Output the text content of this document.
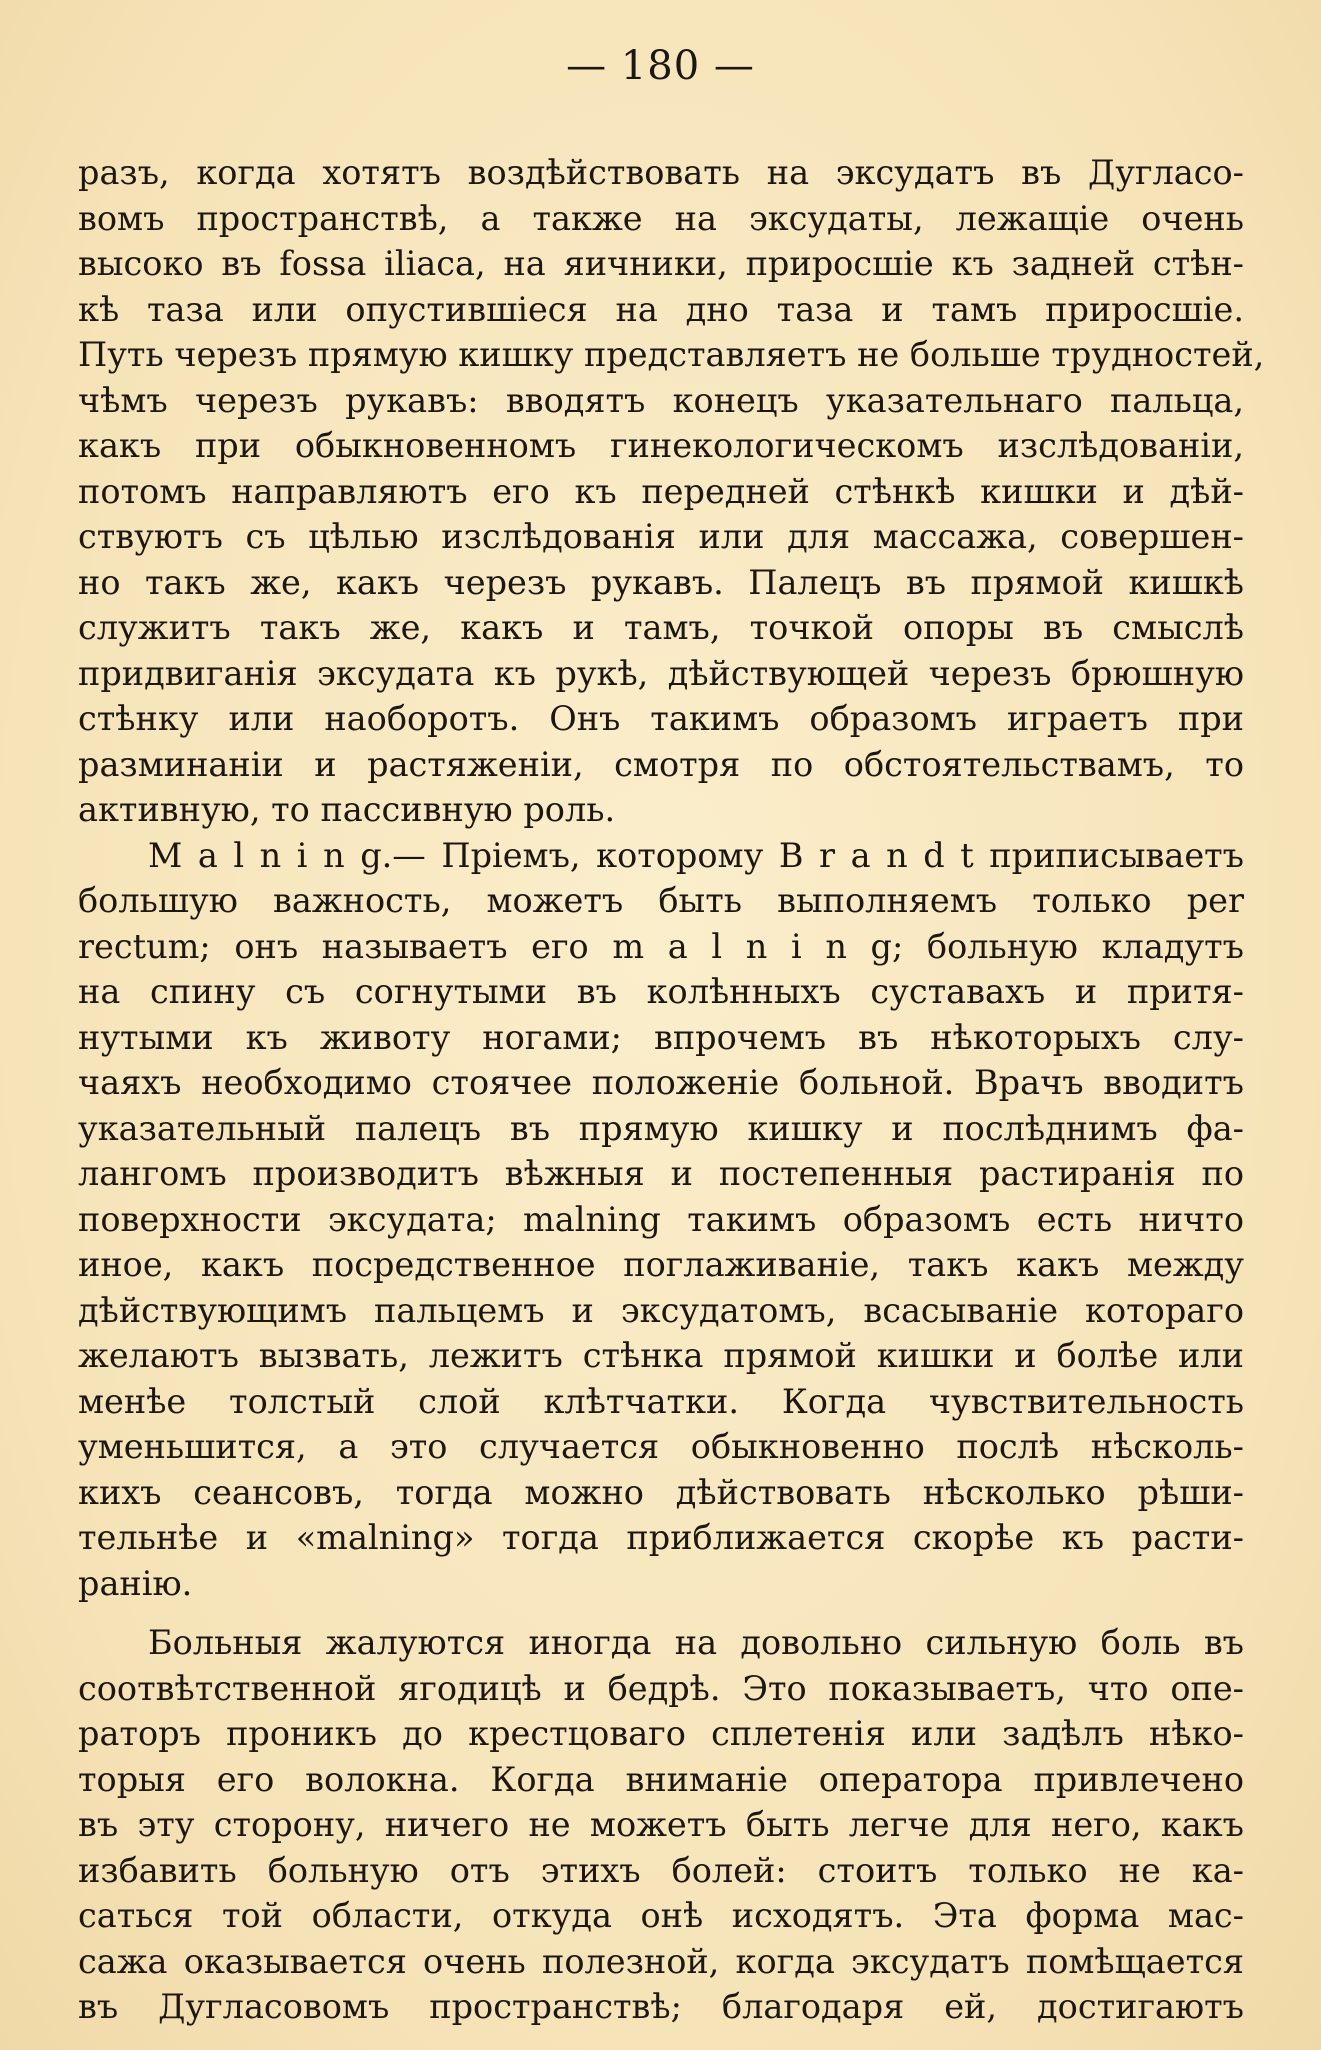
— 180 —
разъ, когда хотятъ воздѣйствовать на эксудатъ въ Дугласо-
вомъ пространствѣ, а также на эксудаты, лежащіе очень
высоко въ fossa iliaca, на яичники, приросшіе къ задней стѣн-
кѣ таза или опустившіеся на дно таза и тамъ приросшіе.
Путь черезъ прямую кишку представляетъ не больше трудностей,
чѣмъ черезъ рукавъ: вводятъ конецъ указательнаго пальца,
какъ при обыкновенномъ гинекологическомъ изслѣдованіи,
потомъ направляютъ его къ передней стѣнкѣ кишки и дѣй-
ствуютъ съ цѣлью изслѣдованія или для массажа, совершен-
но такъ же, какъ черезъ рукавъ. Палецъ въ прямой кишкѣ
служитъ такъ же, какъ и тамъ, точкой опоры въ смыслѣ
придвиганія эксудата къ рукѣ, дѣйствующей черезъ брюшную
стѣнку или наоборотъ. Онъ такимъ образомъ играетъ при
разминаніи и растяженіи, смотря по обстоятельствамъ, то
активную, то пассивную роль.
M a l n i n g.— Пріемъ, которому B r a n d t приписываетъ
большую важность, можетъ быть выполняемъ только per
rectum; онъ называетъ его m a l n i n g; больную кладутъ
на спину съ согнутыми въ колѣнныхъ суставахъ и притя-
нутыми къ животу ногами; впрочемъ въ нѣкоторыхъ слу-
чаяхъ необходимо стоячее положеніе больной. Врачъ вводитъ
указательный палецъ въ прямую кишку и послѣднимъ фа-
лангомъ производитъ вѣжныя и постепенныя растиранія по
поверхности эксудата; malning такимъ образомъ есть ничто
иное, какъ посредственное поглаживаніе, такъ какъ между
дѣйствующимъ пальцемъ и эксудатомъ, всасываніе котораго
желаютъ вызвать, лежитъ стѣнка прямой кишки и болѣе или
менѣе толстый слой клѣтчатки. Когда чувствительность
уменьшится, а это случается обыкновенно послѣ нѣсколь-
кихъ сеансовъ, тогда можно дѣйствовать нѣсколько рѣши-
тельнѣе и «malning» тогда приближается скорѣе къ расти-
ранію.
Больныя жалуются иногда на довольно сильную боль въ
соотвѣтственной ягодицѣ и бедрѣ. Это показываетъ, что опе-
раторъ проникъ до крестцоваго сплетенія или задѣлъ нѣко-
торыя его волокна. Когда вниманіе оператора привлечено
въ эту сторону, ничего не можетъ быть легче для него, какъ
избавить больную отъ этихъ болей: стоитъ только не ка-
саться той области, откуда онѣ исходятъ. Эта форма мас-
сажа оказывается очень полезной, когда эксудатъ помѣщается
въ Дугласовомъ пространствѣ; благодаря ей, достигаютъ
